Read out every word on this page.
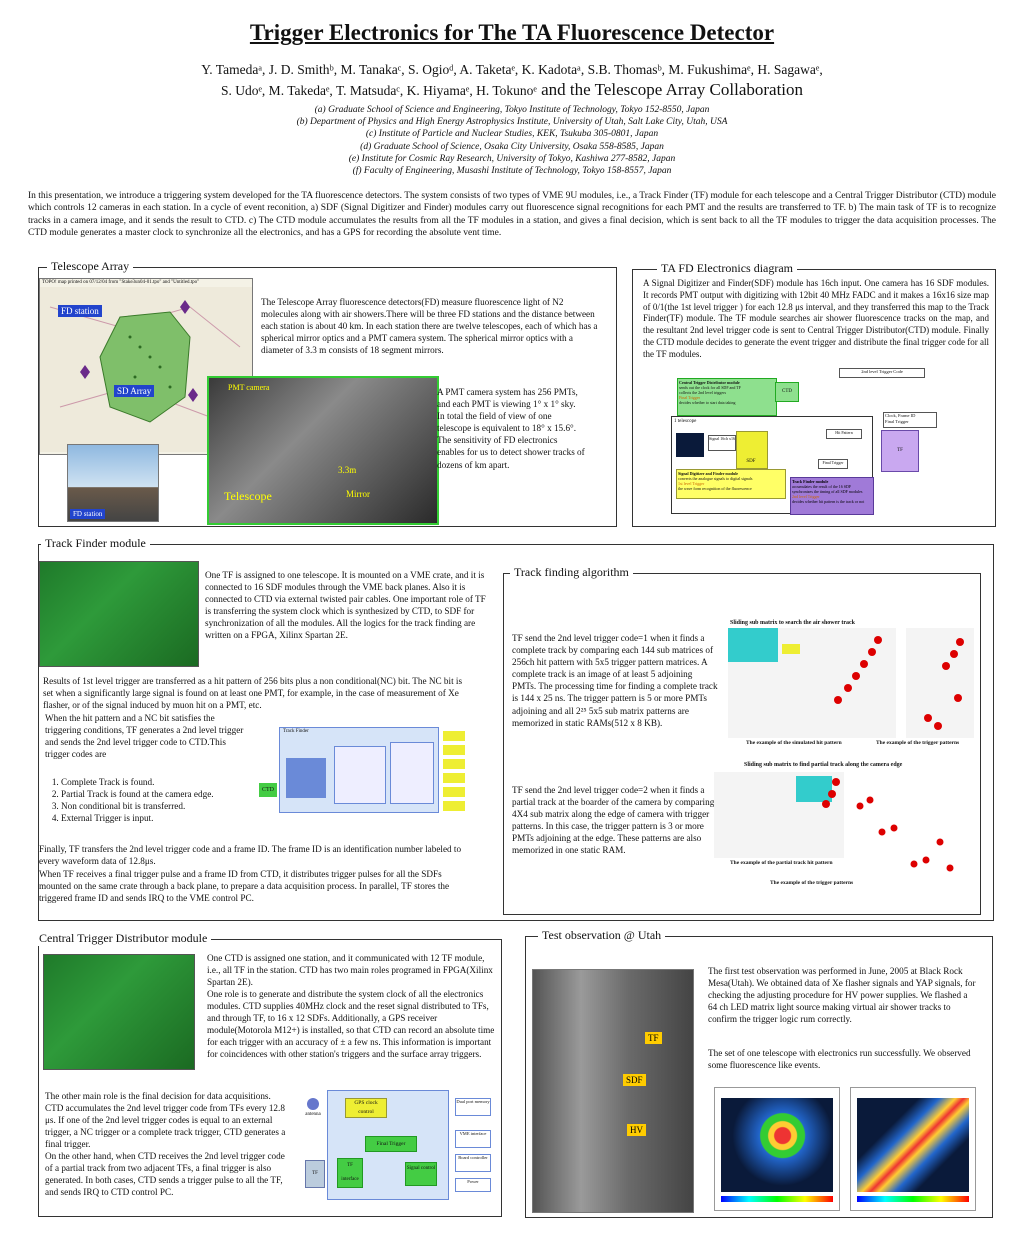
Trigger Electronics for The TA Fluorescence Detector
Y. Tamedaᵃ, J. D. Smithᵇ, M. Tanakaᶜ, S. Ogioᵈ, A. Taketaᵉ, K. Kadotaᵃ, S.B. Thomasᵇ, M. Fukushimaᵉ, H. Sagawaᵉ,
S. Udoᵉ, M. Takedaᵉ, T. Matsudaᶜ, K. Hiyamaᵉ, H. Tokunoᵉ and the Telescope Array Collaboration
(a) Graduate School of Science and Engineering, Tokyo Institute of Technology, Tokyo 152-8550, Japan
(b) Department of Physics and High Energy Astrophysics Institute, University of Utah, Salt Lake City, Utah, USA
(c) Institute of Particle and Nuclear Studies, KEK, Tsukuba 305-0801, Japan
(d) Graduate School of Science, Osaka City University, Osaka 558-8585, Japan
(e) Institute for Cosmic Ray Research, University of Tokyo, Kashiwa 277-8582, Japan
(f) Faculty of Engineering, Musashi Institute of Technology, Tokyo 158-8557, Japan
In this presentation, we introduce a triggering system developed for the TA fluorescence detectors. The system consists of two types of VME 9U modules, i.e., a Track Finder (TF) module for each telescope and a Central Trigger Distributor (CTD) module which controls 12 cameras in each station. In a cycle of event reconition, a) SDF (Signal Digitizer and Finder) modules carry out fluorescence signal recognitions for each PMT and the results are transferred to TF. b) The main task of TF is to recognize tracks in a camera image, and it sends the result to CTD. c) The CTD module accumulates the results from all the TF modules in a station, and gives a final decision, which is sent back to all the TF modules to trigger the data acquisition processes. The CTD module generates a master clock to synchronize all the electronics, and has a GPS for recording the absolute vent time.
Telescope Array
TOPO! map printed on 07/12/04 from "Stake3un04-01.tpo" and "Untitled.tpo"
FD station
SD Array
FD station
PMT camera
Telescope	Mirror
3.3m
The Telescope Array fluorescence detectors(FD) measure fluorescence light of N2 molecules along with air showers.There will be three FD stations and the distance between each station is about 40 km. In each station there are twelve telescopes, each of which has a spherical mirror optics and a PMT camera system. The spherical mirror optics with a diameter of 3.3 m consists of 18 segment mirrors.
A PMT camera system has 256 PMTs, and each PMT is viewing 1° x 1° sky. In total the field of view of one telescope is equivalent to 18° x 15.6°. The sensitivity of FD electronics enables for us to detect shower tracks of dozens of km apart.
TA FD Electronics diagram
A Signal Digitizer and Finder(SDF) module has 16ch input. One camera has 16 SDF modules. It records PMT output with digitizing with 12bit 40 MHz FADC and it makes a 16x16 size map of 0/1(the 1st level trigger ) for each 12.8 μs interval, and they transferred this map to the Track Finder(TF) module. The TF module searches air shower fluorescence tracks on the map, and the resultant 2nd level trigger code is sent to Central Trigger Distributor(CTD) module. Finally the CTD module decides to generate the event trigger and distribute the final trigger code for all the TF modules.
2nd level Trigger Code
Central Trigger Distributor module
sends out the clock for all SDF and TF
collects the 2nd level triggers
Final Trigger
decides whether to start data taking
CTD
Clock, Frame ID
Final Trigger
1 telescope
Signal 16ch x16
SDF
Hit Pattern
Final Trigger
Signal Digitizer and Finder module
converts the analogue signals to digital signals
1st level Trigger
the wave form recognition of the fluorescence
Track Finder module
accumulates the result of the 16 SDF
synchronizes the timing of all SDF modules
2nd level Trigger
decides whether hit pattern is the track or not
TF
Track Finder module
One TF is assigned to one telescope. It is mounted on a VME crate, and it is connected to 16 SDF modules through the VME back planes. Also it is connected to CTD via external twisted pair cables. One important role of TF is transferring the system clock which is synthesized by CTD, to SDF for synchronization of all the modules. All the logics for the track finding are written on a FPGA, Xilinx Spartan 2E.
Results of 1st level trigger are transferred as a hit pattern of 256 bits plus a non conditional(NC) bit. The NC bit is set when a significantly large signal is found on at least one PMT, for example, in the case of measurement of Xe flasher, or of the signal induced by muon hit on a PMT, etc.
When the hit pattern and a NC bit satisfies the triggering conditions, TF generates a 2nd level trigger and sends the 2nd level trigger code to CTD.This trigger codes are
1. Complete Track is found.
2. Partial Track is found at the camera edge.
3. Non conditional bit is transferred.
4. External Trigger is input.
CTD
Track Finder
Finally, TF transfers the 2nd level trigger code and a frame ID. The frame ID is an identification number labeled to every waveform data of 12.8μs.
When TF receives a final trigger pulse and a frame ID from CTD, it distributes trigger pulses for all the SDFs mounted on the same crate through a back plane, to prepare a data acquisition process. In parallel, TF stores the triggered frame ID and sends IRQ to the VME control PC.
Track finding algorithm
TF send the 2nd level trigger code=1 when it finds a complete track by comparing each 144 sub matrices of 256ch hit pattern with 5x5 trigger pattern matrices. A complete track is an image of at least 5 adjoining PMTs. The processing time for finding a complete track is 144 x 25 ns. The trigger pattern is 5 or more PMTs adjoining and all 2²⁵ 5x5 sub matrix patterns are memorized in static RAMs(512 x 8 KB).
TF send the 2nd level trigger code=2 when it finds a partial track at the boarder of the camera by comparing 4X4 sub matrix along the edge of camera with trigger patterns. In this case, the trigger pattern is 3 or more PMTs adjoining at the edge. These patterns are also memorized in one static RAM.
Sliding sub matrix to search the air shower track
The example of the simulated hit pattern	The example of the trigger patterns
Sliding sub matrix to find partial track along the camera edge
The example of the partial track hit pattern
The example of the trigger patterns
Central Trigger Distributor module
One CTD is assigned one station, and it communicated with 12 TF module, i.e., all TF in the station. CTD has two main roles programed in FPGA(Xilinx Spartan 2E).
One role is to generate and distribute the system clock of all the electronics modules. CTD supplies 40MHz clock and the reset signal distributed to TFs, and through TF, to 16 x 12 SDFs. Additionally, a GPS receiver module(Motorola M12+) is installed, so that CTD can record an absolute time for each trigger with an accuracy of ± a few ns. This information is important for coincidences with other station's triggers and the surface array triggers.
The other main role is the final decision for data acquisitions. CTD accumulates the 2nd level trigger code from TFs every 12.8 μs. If one of the 2nd level trigger codes is equal to an external trigger, a NC trigger or a complete track trigger, CTD generates a final trigger.
On the other hand, when CTD receives the 2nd level trigger code of a partial track from two adjacent TFs, a final trigger is also generated. In both cases, CTD sends a trigger pulse to all the TF, and sends IRQ to CTD control PC.
antenna
GPS clock control
Final Trigger
TF interface
Signal control
TF
Dual port memory
VME interface
Board controller
Power
Test observation @ Utah
TF
SDF
HV
The first test observation was performed in June, 2005 at Black Rock Mesa(Utah). We obtained data of Xe flasher signals and YAP signals, for checking the adjusting procedure for HV power supplies. We flashed a 64 ch LED matrix light source making virtual air shower tracks to confirm the trigger logic rum correctly.
The set of one telescope with electronics run successfully. We observed some fluorescence like events.
